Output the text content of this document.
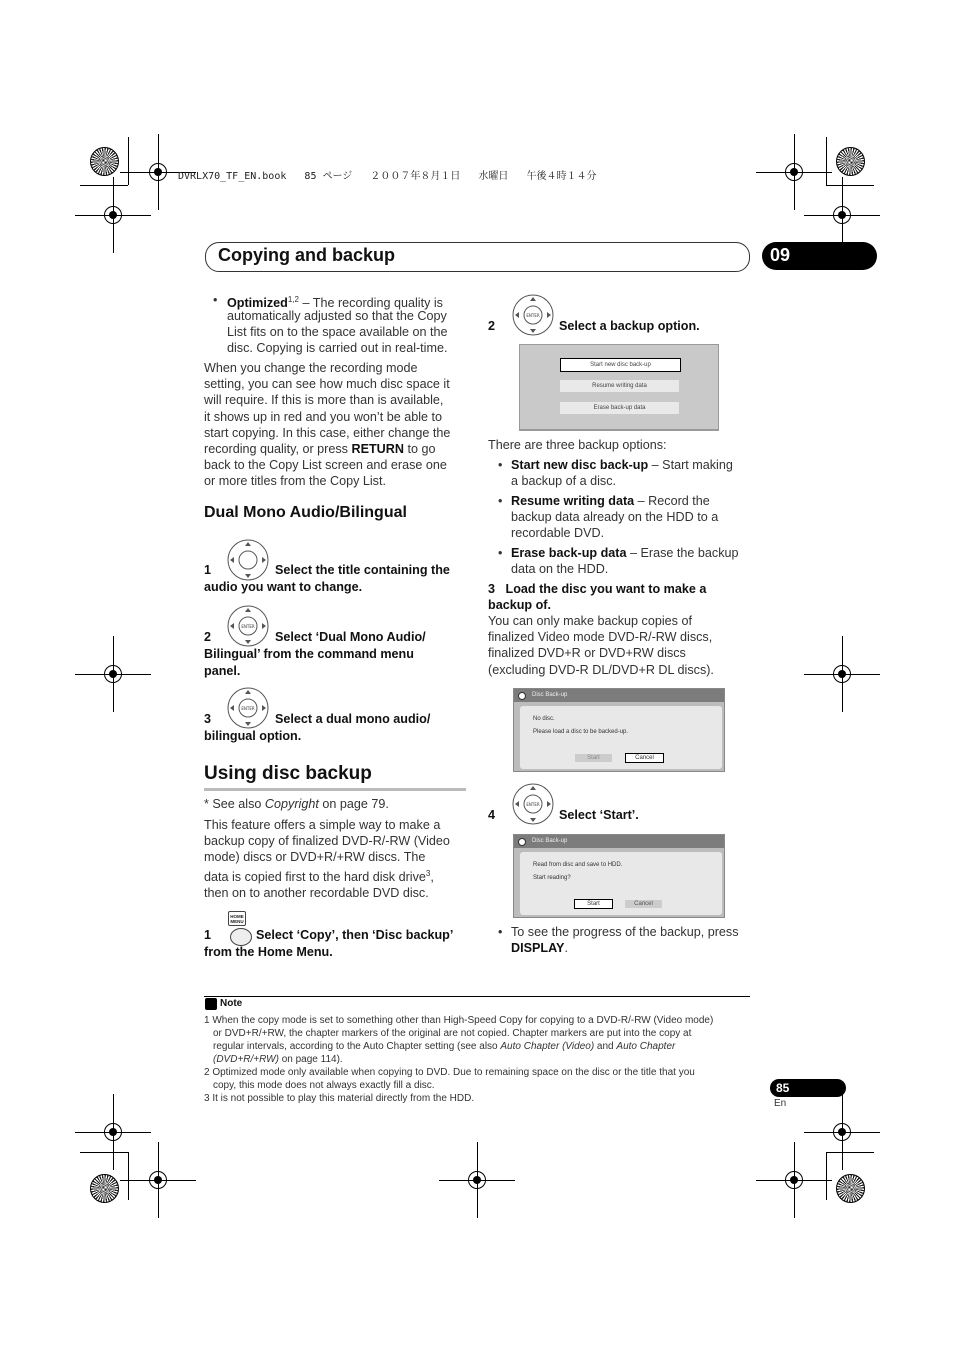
DVRLX70_TF_EN.book   85 ページ   ２００７年８月１日   水曜日   午後４時１４分
Copying and backup	09
• Optimized$^{1,2}$ – The recording quality is
automatically adjusted so that the Copy
List fits on to the space available on the
disc. Copying is carried out in real-time.
When you change the recording mode
setting, you can see how much disc space it
will require. If this is more than is available,
it shows up in red and you won’t be able to
start copying. In this case, either change the
recording quality, or press RETURN to go
back to the Copy List screen and erase one
or more titles from the Copy List.
Dual Mono Audio/Bilingual
1	Select the title containing the
audio you want to change.
ENTER
2	Select ‘Dual Mono Audio/
Bilingual’ from the command menu
panel.
ENTER
3	Select a dual mono audio/
bilingual option.
Using disc backup
* See also Copyright on page 79.
This feature offers a simple way to make a
backup copy of finalized DVD-R/-RW (Video
mode) discs or DVD+R/+RW discs. The
data is copied first to the hard disk drive$^3$,
then on to another recordable DVD disc.
HOME MENU
1	Select ‘Copy’, then ‘Disc backup’
from the Home Menu.
ENTER
2	Select a backup option.
Start new disc back-up
Resume writing data
Erase back-up data
There are three backup options:
• Start new disc back-up – Start making
a backup of a disc.
• Resume writing data – Record the
backup data already on the HDD to a
recordable DVD.
• Erase back-up data – Erase the backup
data on the HDD.
3   Load the disc you want to make a
backup of.
You can only make backup copies of
finalized Video mode DVD-R/-RW discs,
finalized DVD+R or DVD+RW discs
(excluding DVD-R DL/DVD+R DL discs).
Disc Back-up
No disc.
Please load a disc to be backed-up.
Start	Cancel
ENTER
4	Select ‘Start’.
Disc Back-up
Read from disc and save to HDD.
Start reading?
Start	Cancel
• To see the progress of the backup, press
DISPLAY.
Note
1 When the copy mode is set to something other than High-Speed Copy for copying to a DVD-R/-RW (Video mode)
or DVD+R/+RW, the chapter markers of the original are not copied. Chapter markers are put into the copy at
regular intervals, according to the Auto Chapter setting (see also Auto Chapter (Video) and Auto Chapter
(DVD+R/+RW) on page 114).
2 Optimized mode only available when copying to DVD. Due to remaining space on the disc or the title that you
copy, this mode does not always exactly fill a disc.
3 It is not possible to play this material directly from the HDD.
85
En
